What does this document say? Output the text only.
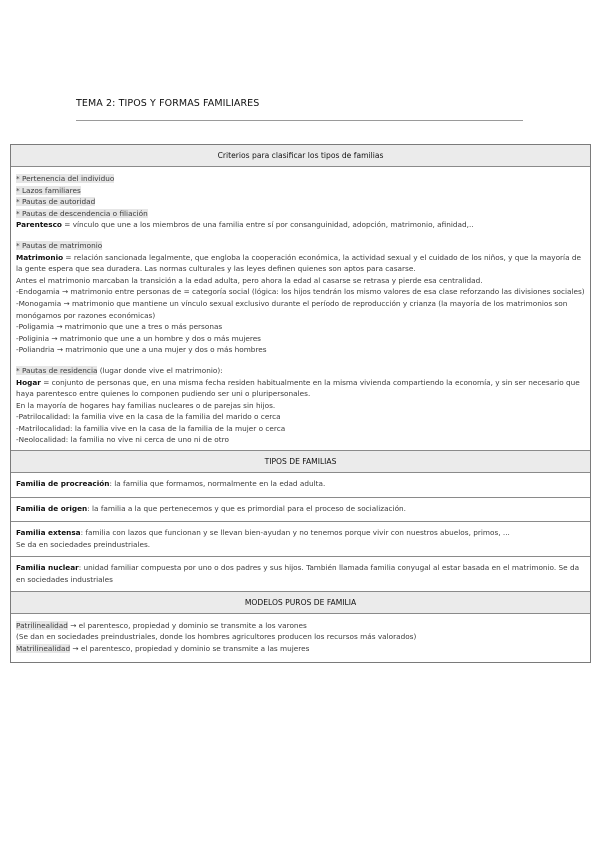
TEMA 2: TIPOS Y FORMAS FAMILIARES
Criterios para clasificar los tipos de familias
* Pertenencia del individuo
* Lazos familiares
* Pautas de autoridad
* Pautas de descendencia o filiación
Parentesco = vínculo que une a los miembros de una familia entre sí por consanguinidad, adopción, matrimonio, afinidad,..
* Pautas de matrimonio
Matrimonio = relación sancionada legalmente, que engloba la cooperación económica, la actividad sexual y el cuidado de los niños, y que la mayoría de la gente espera que sea duradera. Las normas culturales y las leyes definen quienes son aptos para casarse.
Antes el matrimonio marcaban la transición a la edad adulta, pero ahora la edad al casarse se retrasa y pierde esa centralidad.
-Endogamia → matrimonio entre personas de = categoría social (lógica: los hijos tendrán los mismo valores de esa clase reforzando las divisiones sociales)
-Monogamia → matrimonio que mantiene un vínculo sexual exclusivo durante el período de reproducción y crianza (la mayoría de los matrimonios son monógamos por razones económicas)
-Poligamia → matrimonio que une a tres o más personas
-Poliginia → matrimonio que une a un hombre y dos o más mujeres
-Poliandria → matrimonio que une a una mujer y dos o más hombres
* Pautas de residencia (lugar donde vive el matrimonio):
Hogar = conjunto de personas que, en una misma fecha residen habitualmente en la misma vivienda compartiendo la economía, y sin ser necesario que haya parentesco entre quienes lo componen pudiendo ser uni o pluripersonales.
En la mayoría de hogares hay familias nucleares o de parejas sin hijos.
-Patrilocalidad: la familia vive en la casa de la familia del marido o cerca
-Matrilocalidad: la familia vive en la casa de la familia de la mujer o cerca
-Neolocalidad: la familia no vive ni cerca de uno ni de otro
TIPOS DE FAMILIAS
Familia de procreación: la familia que formamos, normalmente en la edad adulta.
Familia de origen: la familia a la que pertenecemos y que es primordial para el proceso de socialización.
Familia extensa: familia con lazos que funcionan y se llevan bien-ayudan y no tenemos porque vivir con nuestros abuelos, primos, ...
Se da en sociedades preindustriales.
Familia nuclear: unidad familiar compuesta por uno o dos padres y sus hijos. También llamada familia conyugal al estar basada en el matrimonio. Se da en sociedades industriales
MODELOS PUROS DE FAMILIA
Patrilinealidad → el parentesco, propiedad y dominio se transmite a los varones
(Se dan en sociedades preindustriales, donde los hombres agricultores producen los recursos más valorados)
Matrilinealidad → el parentesco, propiedad y dominio se transmite a las mujeres
